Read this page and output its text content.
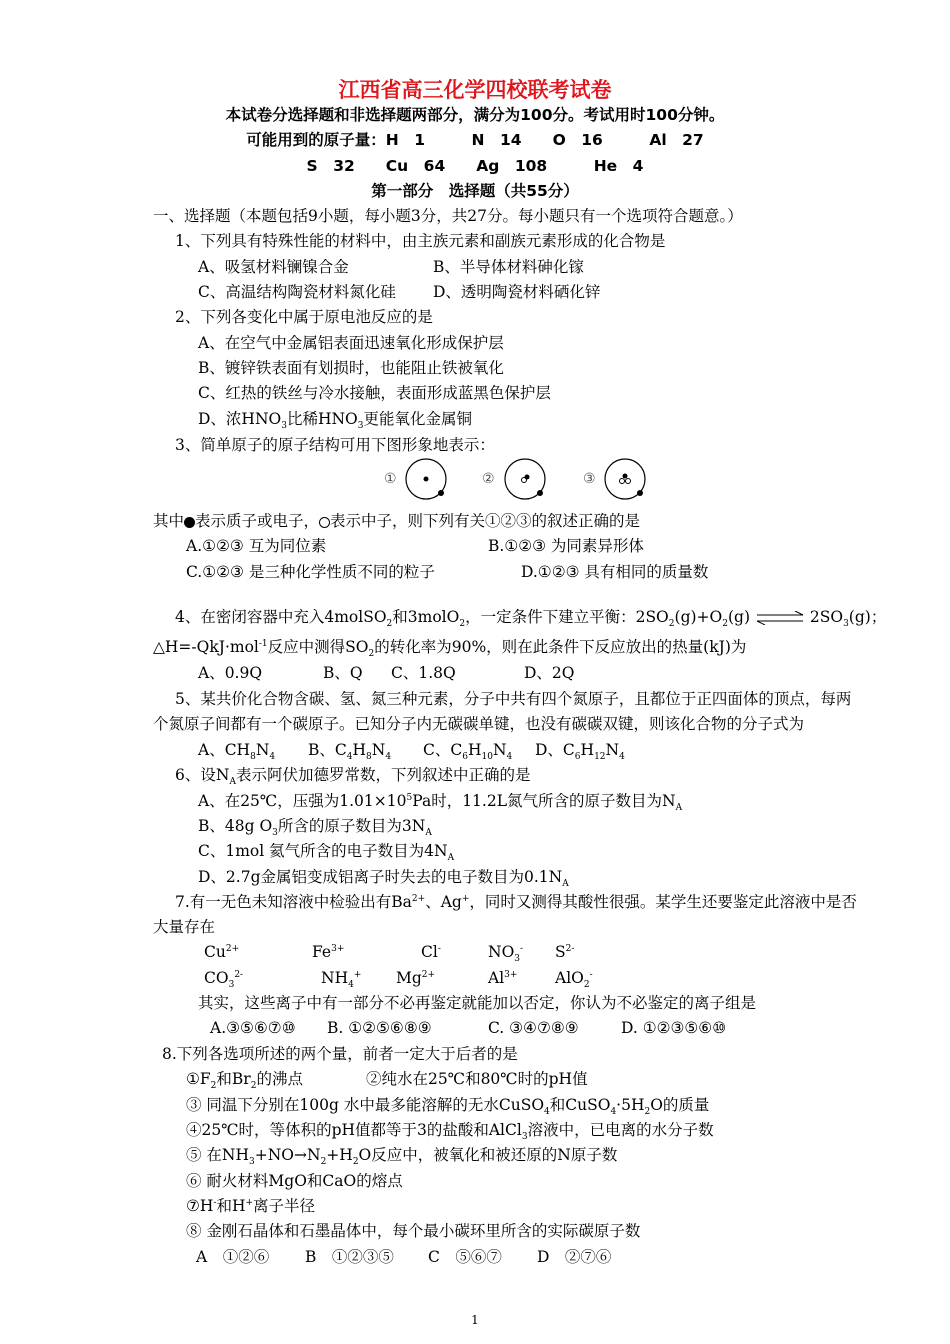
江西省高三化学四校联考试卷
本试卷分选择题和非选择题两部分，满分为100分。考试用时100分钟。
可能用到的原子量：H　1　　　N　14　　O　16　　　Al　27
S　32　　Cu　64　　Ag　108　　　He　4
第一部分　选择题（共55分）
一、选择题（本题包括9小题，每小题3分，共27分。每小题只有一个选项符合题意。）
1、下列具有特殊性能的材料中，由主族元素和副族元素形成的化合物是
A、吸氢材料镧镍合金	B、半导体材料砷化镓
C、高温结构陶瓷材料氮化硅 D、透明陶瓷材料硒化锌
2、下列各变化中属于原电池反应的是
A、在空气中金属铝表面迅速氧化形成保护层
B、镀锌铁表面有划损时，也能阻止铁被氧化
C、红热的铁丝与冷水接触，表面形成蓝黑色保护层
D、浓$HNO_3$比稀$HNO_3$更能氧化金属铜
3、简单原子的原子结构可用下图形象地表示：
①	②	③
其中 表示质子或电子， 表示中子，则下列有关①②③的叙述正确的是
A.①②③ 互为同位素	B.①②③ 为同素异形体
C.①②③ 是三种化学性质不同的粒子	D.①②③ 具有相同的质量数
4、在密闭容器中充入4molSO$_2$和3molO$_2$，一定条件下建立平衡：$2SO_2(g)+O_2(g)$ ⇌ $2SO_3(g)$；
△H=-QkJ·mol$^{-1}$反应中测得$SO_2$的转化率为90%，则在此条件下反应放出的热量(kJ)为
A、0.9Q	B、Q C、1.8Q	D、2Q
5、某共价化合物含碳、氢、氮三种元素，分子中共有四个氮原子，且都位于正四面体的顶点，每两
个氮原子间都有一个碳原子。已知分子内无碳碳单键，也没有碳碳双键，则该化合物的分子式为
A、$CH_8N_4$ B、$C_4H_8N_4$ C、$C_6H_{10}N_4$ D、$C_6H_{12}N_4$
6、设$N_A$表示阿伏加德罗常数，下列叙述中正确的是
A、在25℃，压强为$1.01\times 10^5Pa$时，11.2L氮气所含的原子数目为$N_A$
B、48g $O_3$所含的原子数目为$3N_A$
C、1mol 氦气所含的电子数目为$4N_A$
D、2.7g金属铝变成铝离子时失去的电子数目为$0.1N_A$
7.有一无色未知溶液中检验出有$Ba^{2+}$、Ag+，同时又测得其酸性很强。某学生还要鉴定此溶液中是否
大量存在
$Cu^{2+}$	$Fe^{3+}$	Cl-	$NO_3^-$ $S^{2-}$
$CO_3^{2-}$	$NH_4^+$ $Mg^{2+}$	$Al^{3+}$ AlO$_2$-
其实，这些离子中有一部分不必再鉴定就能加以否定，你认为不必鉴定的离子组是
A.③⑤⑥⑦⑩ B. ①②⑤⑥⑧⑨	C. ③④⑦⑧⑨	D. ①②③⑤⑥⑩
8.下列各选项所述的两个量，前者一定大于后者的是
$①F_2$和$Br_2$的沸点	②纯水在25℃和80℃时的pH值
③ 同温下分别在100g 水中最多能溶解的无水CuSO$_4$和$CuSO_4\cdot 5H_2O$的质量
④25℃时，等体积的pH值都等于3的盐酸和AlCl$_3$溶液中，已电离的水分子数
⑤ 在$NH_3+NO\to N_2+H_2O$反应中，被氧化和被还原的N原子数
⑥ 耐火材料MgO和CaO的熔点
⑦H-和H+离子半径
⑧ 金刚石晶体和石墨晶体中，每个最小碳环里所含的实际碳原子数
A　①②⑥ B　①②③⑤ C　⑤⑥⑦ D　②⑦⑥
1
